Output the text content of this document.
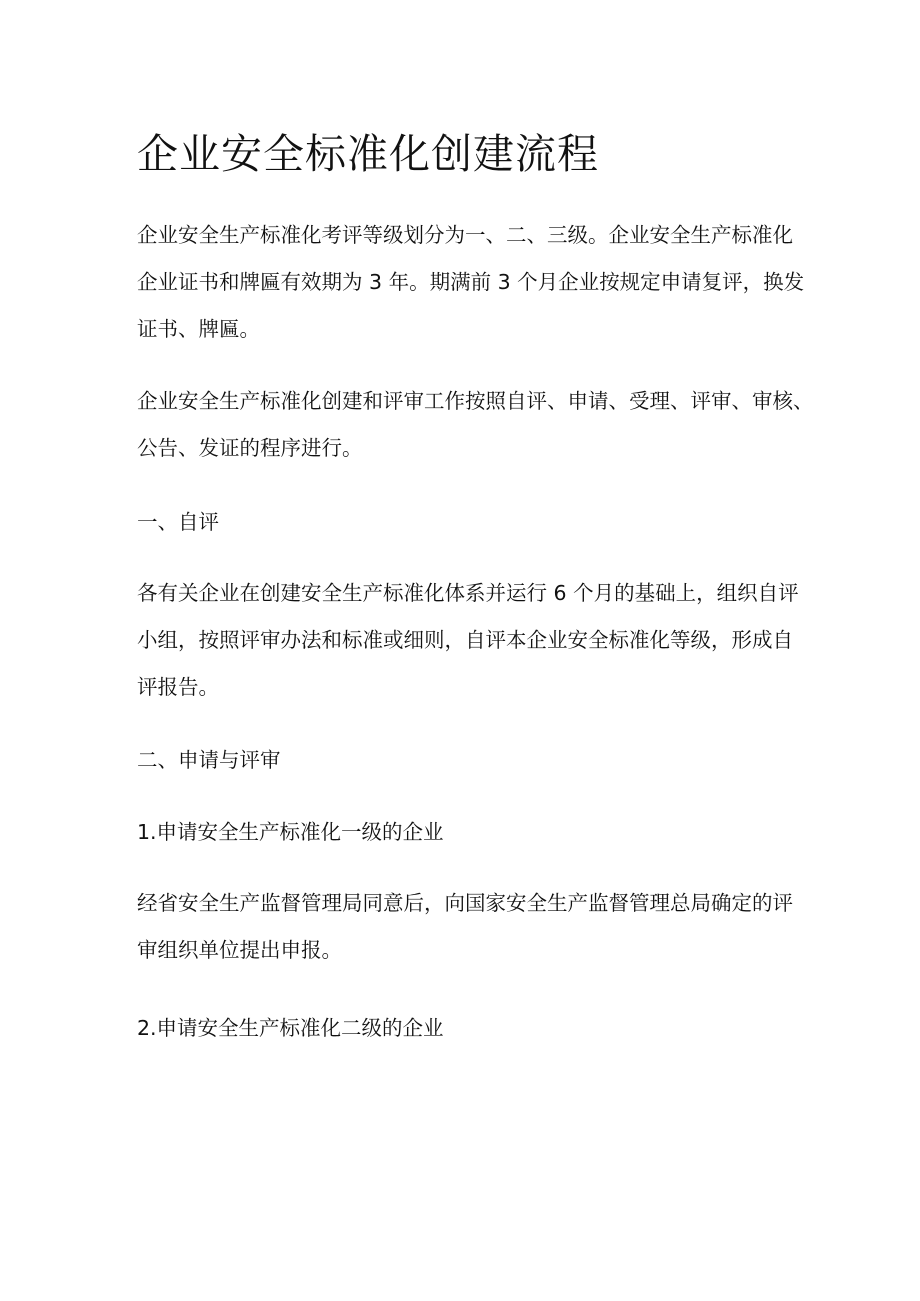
企业安全标准化创建流程

企业安全生产标准化考评等级划分为一、二、三级。企业安全生产标准化
企业证书和牌匾有效期为 3 年。期满前 3 个月企业按规定申请复评，换发
证书、牌匾。

企业安全生产标准化创建和评审工作按照自评、申请、受理、评审、审核、
公告、发证的程序进行。

一、自评

各有关企业在创建安全生产标准化体系并运行 6 个月的基础上，组织自评
小组，按照评审办法和标准或细则，自评本企业安全标准化等级，形成自
评报告。

二、申请与评审
1.申请安全生产标准化一级的企业

经省安全生产监督管理局同意后，向国家安全生产监督管理总局确定的评
审组织单位提出申报。

2.申请安全生产标准化二级的企业
